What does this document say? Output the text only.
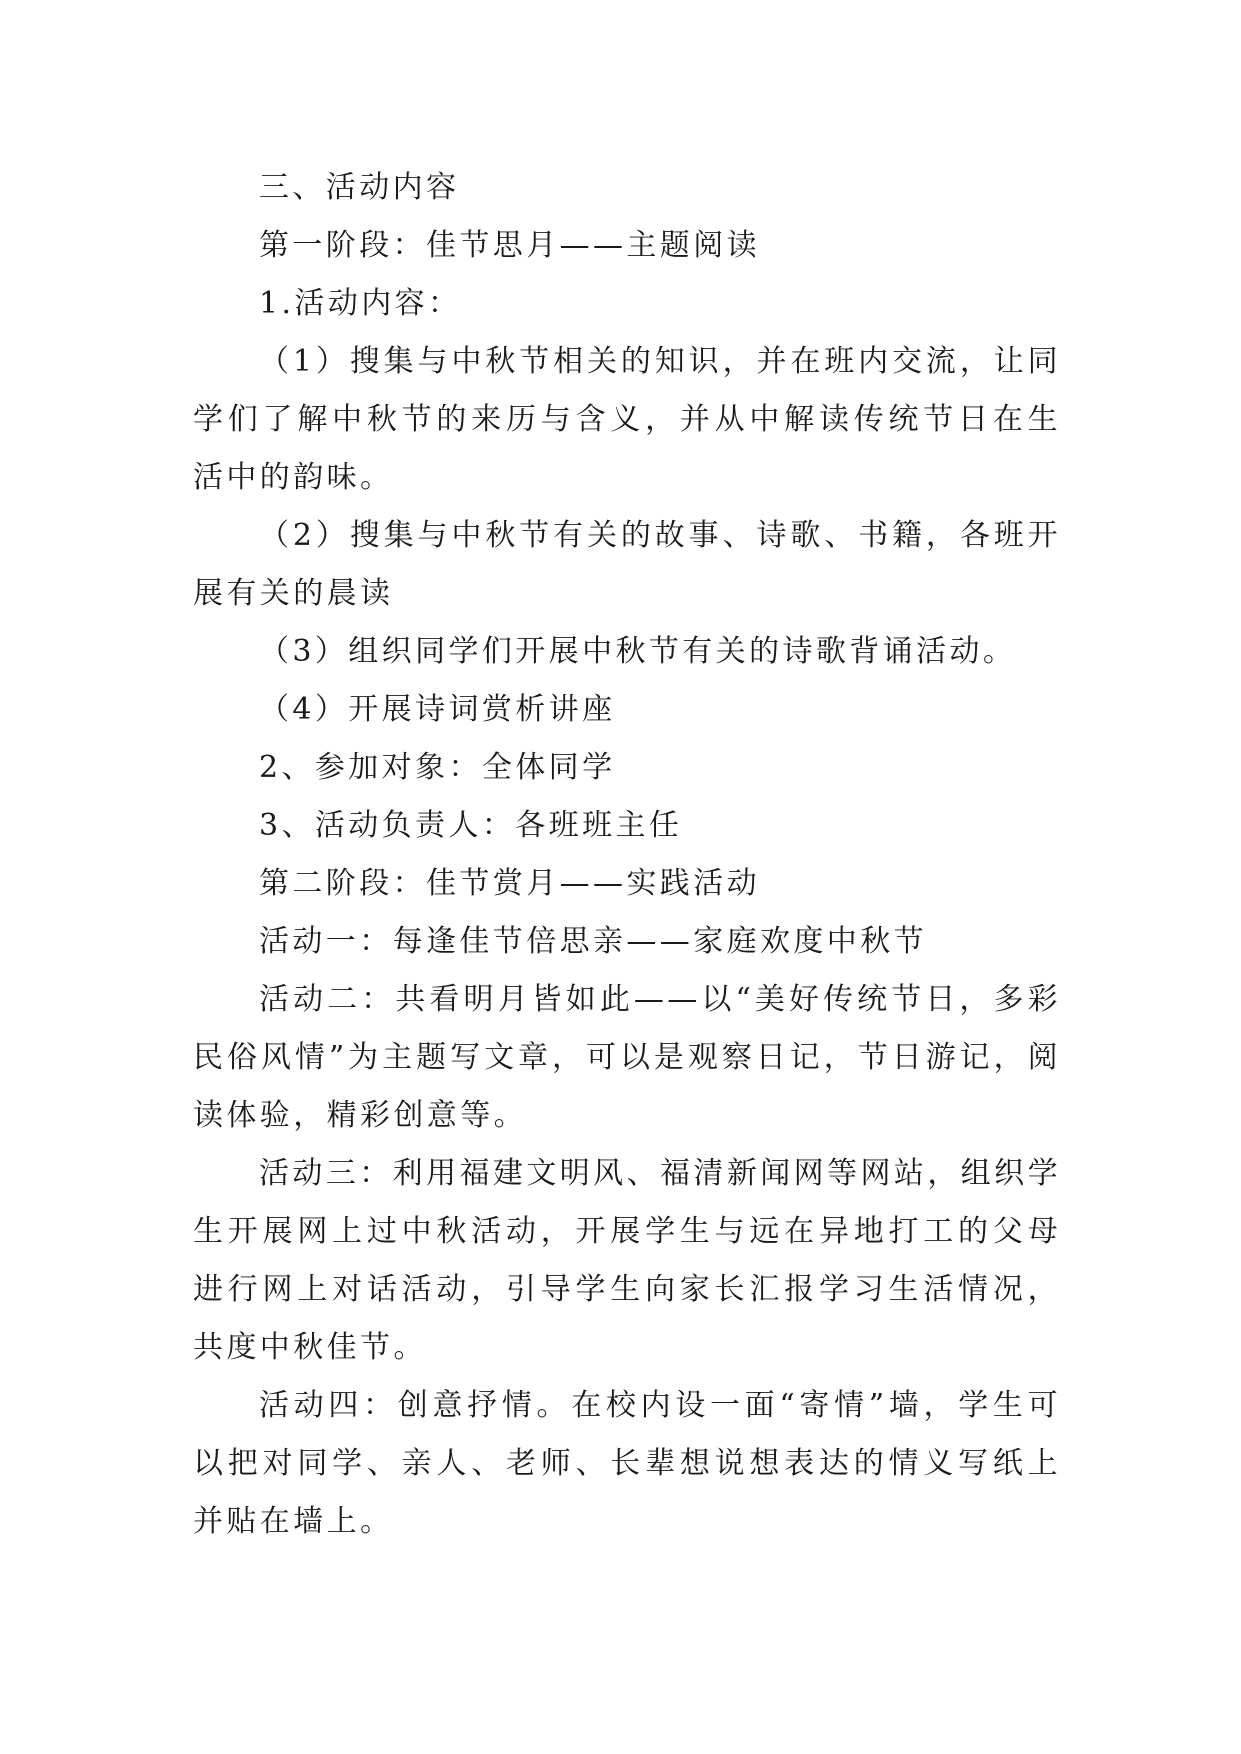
三、活动内容

第一阶段：佳节思月——主题阅读

1.活动内容：

（1）搜集与中秋节相关的知识，并在班内交流，让同学们了解中秋节的来历与含义，并从中解读传统节日在生活中的韵味。

（2）搜集与中秋节有关的故事、诗歌、书籍，各班开展有关的晨读

（3）组织同学们开展中秋节有关的诗歌背诵活动。

（4）开展诗词赏析讲座

2、参加对象：全体同学

3、活动负责人：各班班主任

第二阶段：佳节赏月——实践活动

活动一：每逢佳节倍思亲——家庭欢度中秋节

活动二：共看明月皆如此——以“美好传统节日，多彩民俗风情”为主题写文章，可以是观察日记，节日游记，阅读体验，精彩创意等。

活动三：利用福建文明风、福清新闻网等网站，组织学生开展网上过中秋活动，开展学生与远在异地打工的父母进行网上对话活动，引导学生向家长汇报学习生活情况，共度中秋佳节。

活动四：创意抒情。在校内设一面“寄情”墙，学生可以把对同学、亲人、老师、长辈想说想表达的情义写纸上并贴在墙上。
